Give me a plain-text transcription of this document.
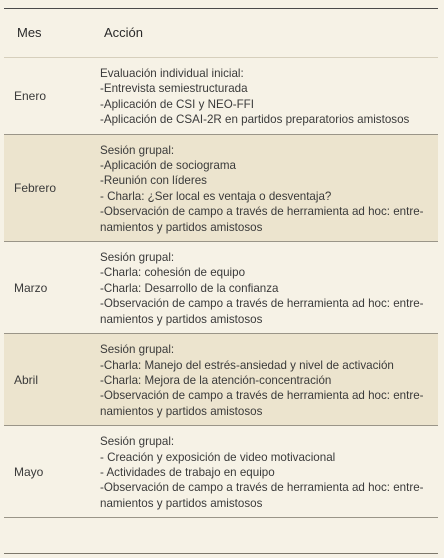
Mes	Acción
Enero
Evaluación individual inicial:
-Entrevista semiestructurada
-Aplicación de CSI y NEO-FFI
-Aplicación de CSAI-2R en partidos preparatorios amistosos
Febrero
Sesión grupal:
-Aplicación de sociograma
-Reunión con líderes
- Charla: ¿Ser local es ventaja o desventaja?
-Observación de campo a través de herramienta ad hoc: entre-
namientos y partidos amistosos
Marzo
Sesión grupal:
-Charla: cohesión de equipo
-Charla: Desarrollo de la confianza
-Observación de campo a través de herramienta ad hoc: entre-
namientos y partidos amistosos
Abril
Sesión grupal:
-Charla: Manejo del estrés-ansiedad y nivel de activación
-Charla: Mejora de la atención-concentración
-Observación de campo a través de herramienta ad hoc: entre-
namientos y partidos amistosos
Mayo
Sesión grupal:
- Creación y exposición de video motivacional
- Actividades de trabajo en equipo
-Observación de campo a través de herramienta ad hoc: entre-
namientos y partidos amistosos
